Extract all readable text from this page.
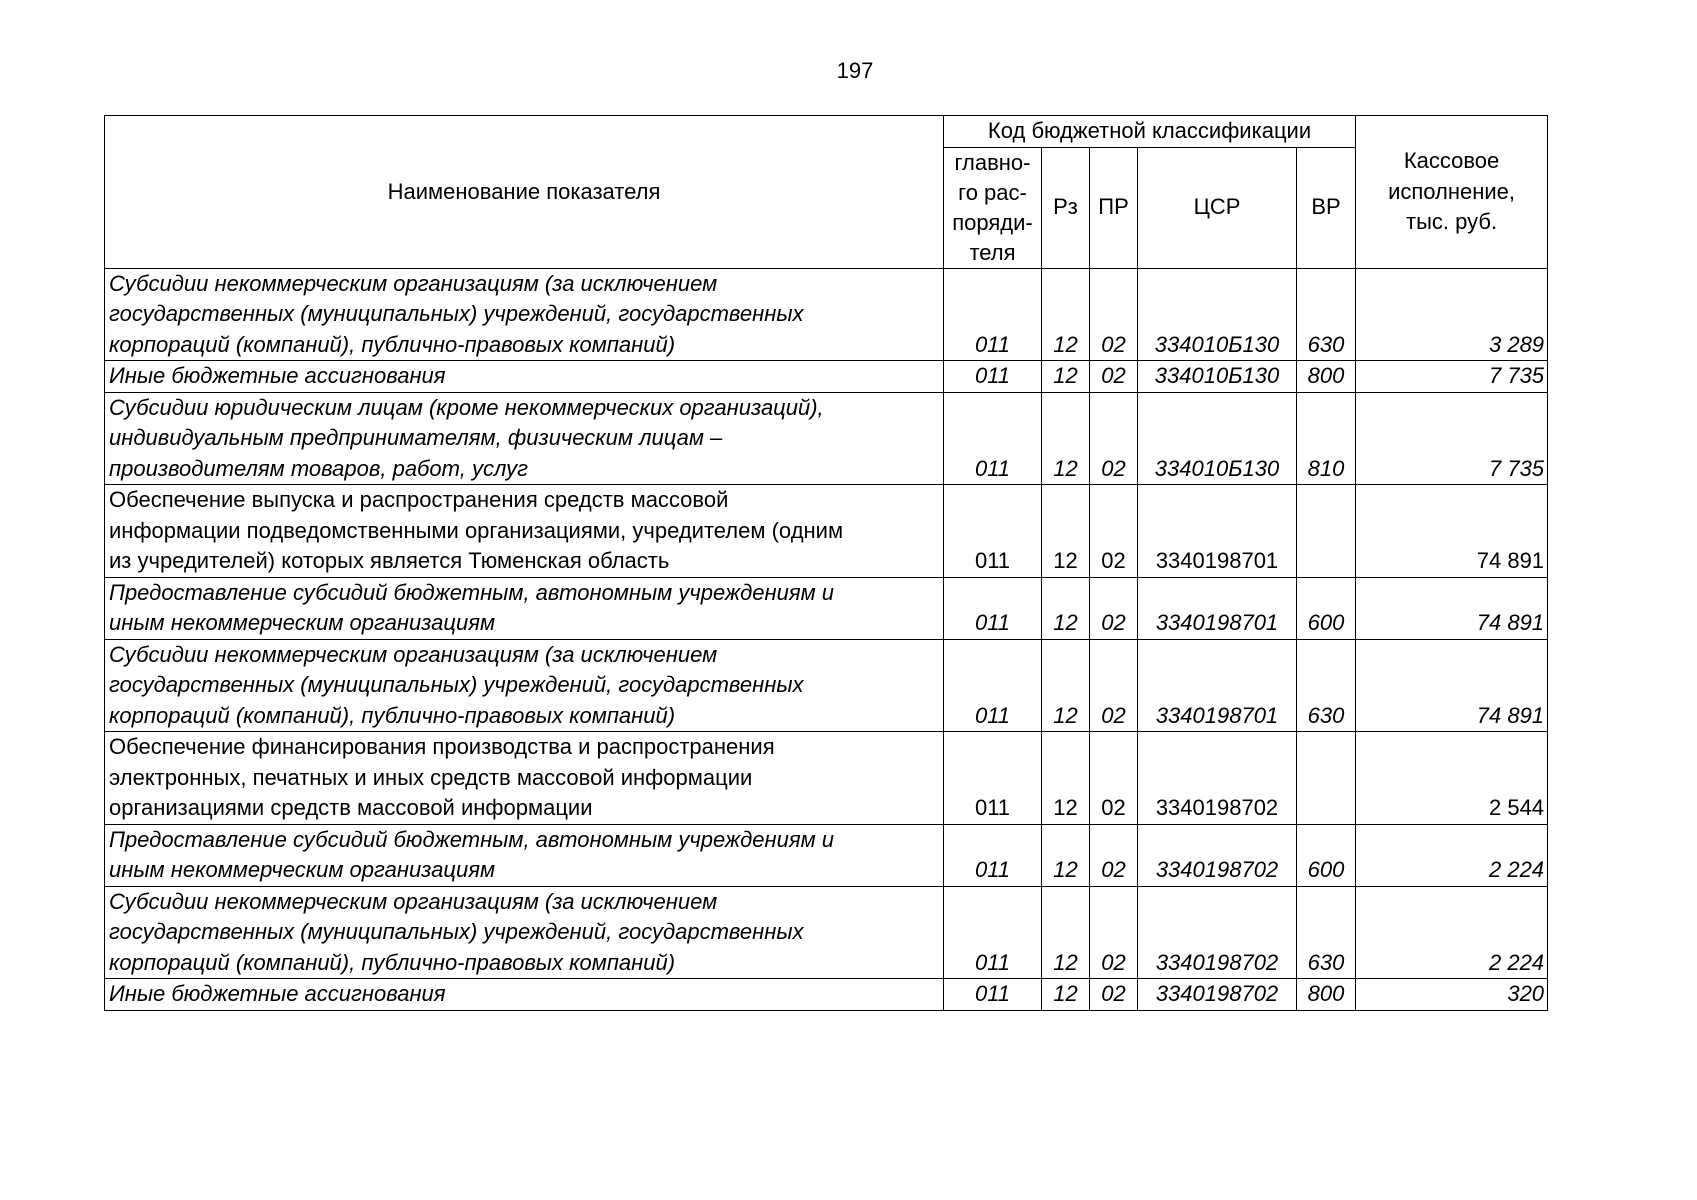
197
Наименование показателя	Код бюджетной классификации					Кассовое
исполнение,
тыс. руб.

	главно-
го рас-
поряди-
теля	Рз	ПР	ЦСР	ВР	

Субсидии некоммерческим организациям (за исключением
государственных (муниципальных) учреждений, государственных
корпораций (компаний), публично-правовых компаний)	011	12	02	334010Б130	630	3 289

Иные бюджетные ассигнования	011	12	02	334010Б130	800	7 735

Субсидии юридическим лицам (кроме некоммерческих организаций),
индивидуальным предпринимателям, физическим лицам –
производителям товаров, работ, услуг	011	12	02	334010Б130	810	7 735

Обеспечение выпуска и распространения средств массовой
информации подведомственными организациями, учредителем (одним
из учредителей) которых является Тюменская область	011	12	02	3340198701		74 891

Предоставление субсидий бюджетным, автономным учреждениям и
иным некоммерческим организациям	011	12	02	3340198701	600	74 891

Субсидии некоммерческим организациям (за исключением
государственных (муниципальных) учреждений, государственных
корпораций (компаний), публично-правовых компаний)	011	12	02	3340198701	630	74 891

Обеспечение финансирования производства и распространения
электронных, печатных и иных средств массовой информации
организациями средств массовой информации	011	12	02	3340198702		2 544

Предоставление субсидий бюджетным, автономным учреждениям и
иным некоммерческим организациям	011	12	02	3340198702	600	2 224

Субсидии некоммерческим организациям (за исключением
государственных (муниципальных) учреждений, государственных
корпораций (компаний), публично-правовых компаний)	011	12	02	3340198702	630	2 224

Иные бюджетные ассигнования	011	12	02	3340198702	800	320
